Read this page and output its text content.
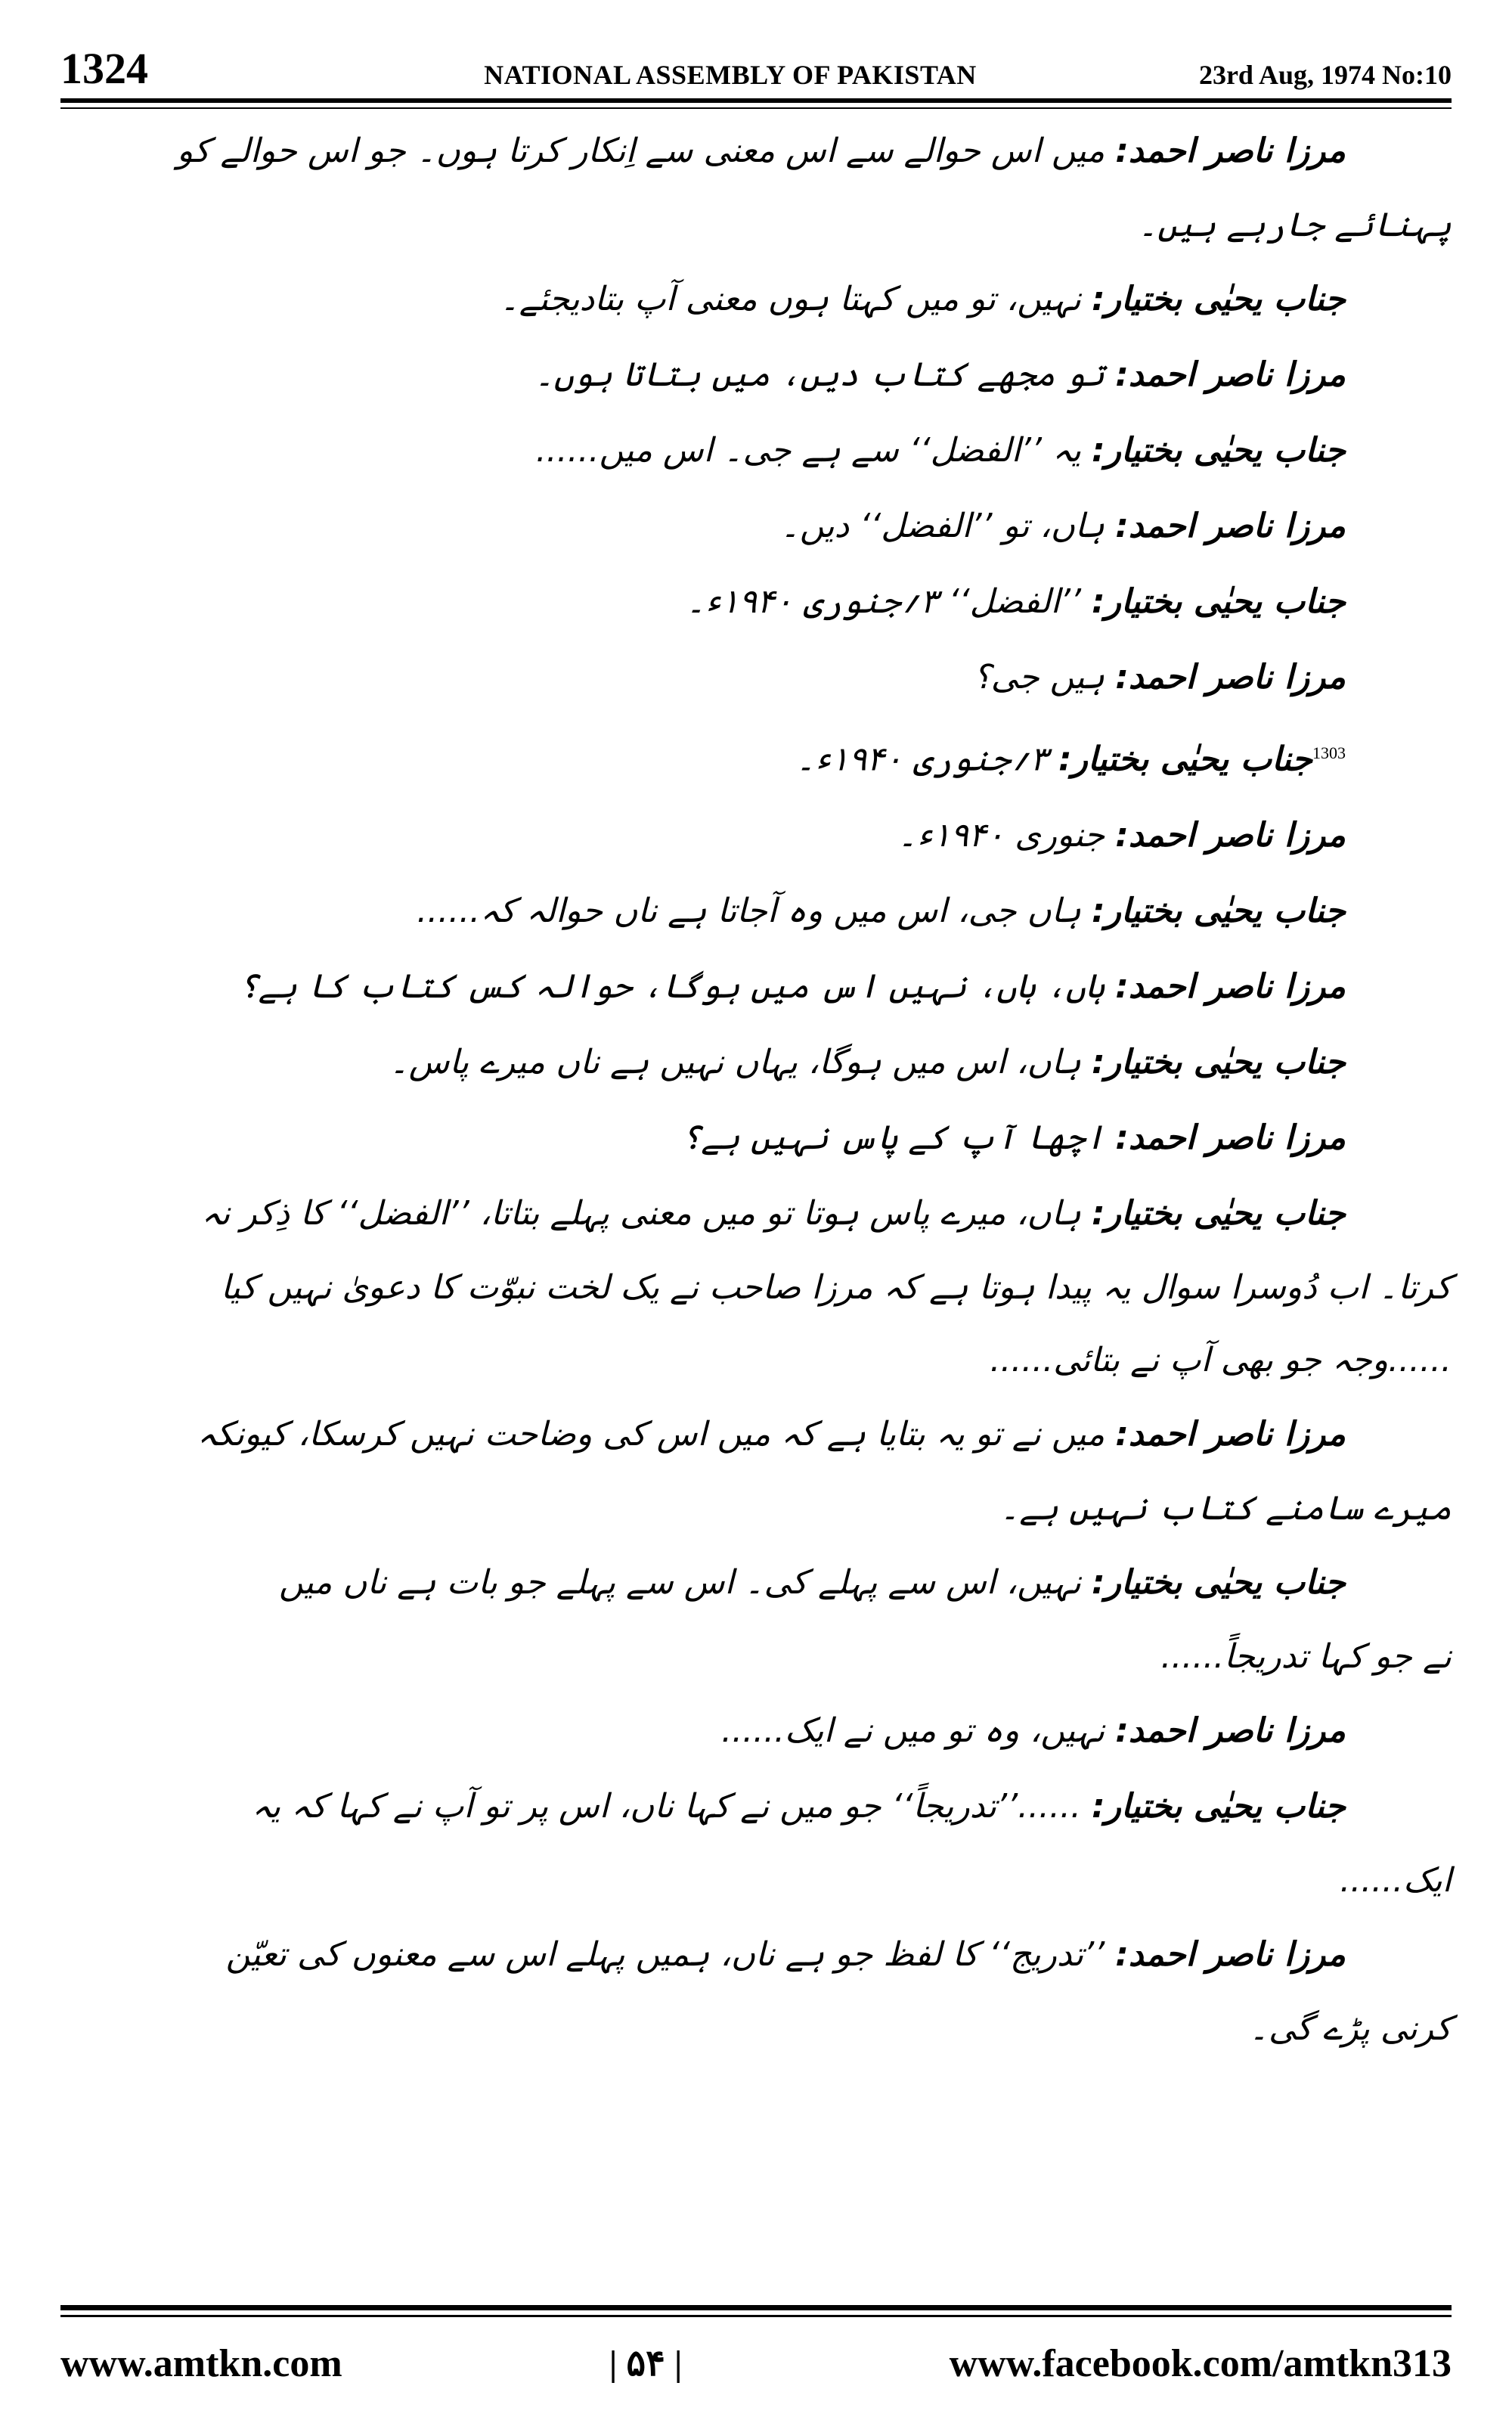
1324	NATIONAL ASSEMBLY OF PAKISTAN	23rd Aug, 1974 No:10
مرزا ناصر احمد: میں اس حوالے سے اس معنی سے اِنکار کرتا ہوں۔ جو اس حوالے کو
پہنائے جارہے ہیں۔
جناب یحیٰی بختیار: نہیں، تو میں کہتا ہوں معنی آپ بتادیجئے۔
مرزا ناصر احمد: تو مجھے کتاب دیں، میں بتاتا ہوں۔
جناب یحیٰی بختیار: یہ ’’الفضل‘‘ سے ہے جی۔ اس میں......
مرزا ناصر احمد: ہاں، تو ’’الفضل‘‘ دیں۔
جناب یحیٰی بختیار: ’’الفضل‘‘ ۳؍جنوری ۱۹۴۰ء۔
مرزا ناصر احمد: ہیں جی؟
$^{1303}$جناب یحیٰی بختیار: ۳؍جنوری ۱۹۴۰ء۔
مرزا ناصر احمد: جنوری ۱۹۴۰ء۔
جناب یحیٰی بختیار: ہاں جی، اس میں وہ آجاتا ہے ناں حوالہ کہ......
مرزا ناصر احمد: ہاں، ہاں، نہیں اس میں ہوگا، حوالہ کس کتاب کا ہے؟
جناب یحیٰی بختیار: ہاں، اس میں ہوگا، یہاں نہیں ہے ناں میرے پاس۔
مرزا ناصر احمد: اچھا آپ کے پاس نہیں ہے؟
جناب یحیٰی بختیار: ہاں، میرے پاس ہوتا تو میں معنی پہلے بتاتا، ’’الفضل‘‘ کا ذِکر نہ
کرتا۔ اب دُوسرا سوال یہ پیدا ہوتا ہے کہ مرزا صاحب نے یک لخت نبوّت کا دعویٰ نہیں کیا
......وجہ جو بھی آپ نے بتائی......
مرزا ناصر احمد: میں نے تو یہ بتایا ہے کہ میں اس کی وضاحت نہیں کرسکا، کیونکہ
میرے سامنے کتاب نہیں ہے۔
جناب یحیٰی بختیار: نہیں، اس سے پہلے کی۔ اس سے پہلے جو بات ہے ناں میں
نے جو کہا تدریجاً......
مرزا ناصر احمد: نہیں، وہ تو میں نے ایک......
جناب یحیٰی بختیار: ......’’تدریجاً‘‘ جو میں نے کہا ناں، اس پر تو آپ نے کہا کہ یہ
ایک......
مرزا ناصر احمد: ’’تدریج‘‘ کا لفظ جو ہے ناں، ہمیں پہلے اس سے معنوں کی تعیّن
کرنی پڑے گی۔
www.amtkn.com	| ۵۴ |	www.facebook.com/amtkn313
